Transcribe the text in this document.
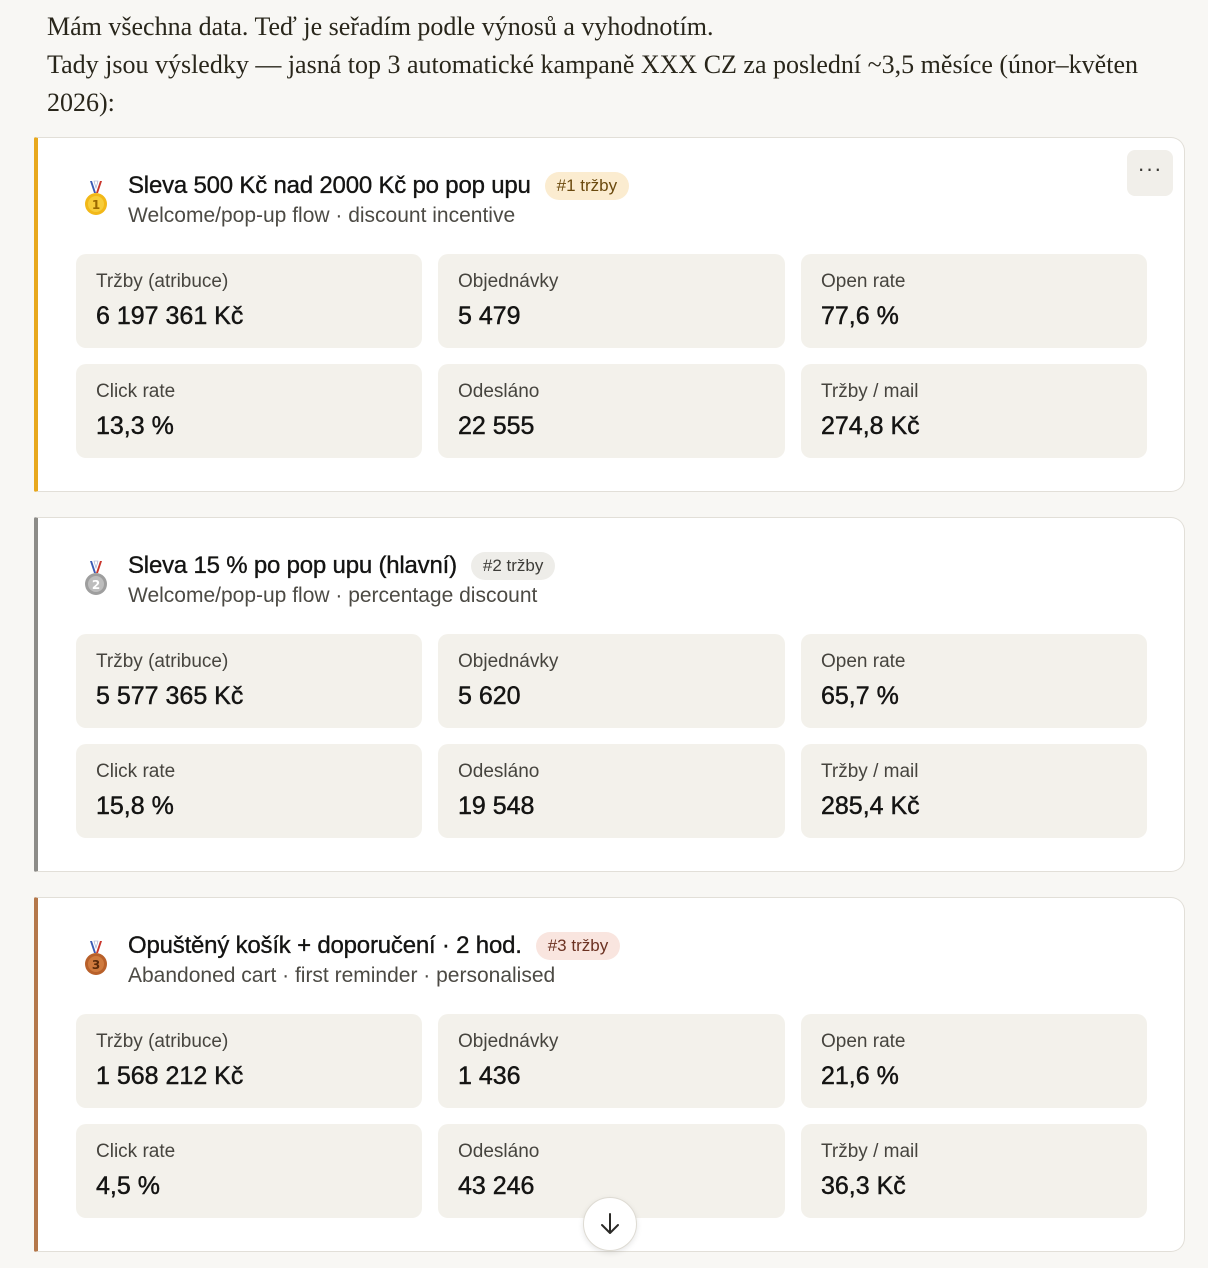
Mám všechna data. Teď je seřadím podle výnosů a vyhodnotím.

Tady jsou výsledky — jasná top 3 automatické kampaně XXX CZ za poslední ~3,5 měsíce (únor–květen 2026):

···
1
Sleva 500 Kč nad 2000 Kč po pop upu	#1 tržby
Welcome/pop-up flow · discount incentive
Tržby (atribuce)
6 197 361 Kč
Objednávky
5 479
Open rate
77,6 %
Click rate
13,3 %
Odesláno
22 555
Tržby / mail
274,8 Kč
2
Sleva 15 % po pop upu (hlavní)	#2 tržby
Welcome/pop-up flow · percentage discount
Tržby (atribuce)
5 577 365 Kč
Objednávky
5 620
Open rate
65,7 %
Click rate
15,8 %
Odesláno
19 548
Tržby / mail
285,4 Kč
3
Opuštěný košík + doporučení · 2 hod.	#3 tržby
Abandoned cart · first reminder · personalised
Tržby (atribuce)
1 568 212 Kč
Objednávky
1 436
Open rate
21,6 %
Click rate
4,5 %
Odesláno
43 246
Tržby / mail
36,3 Kč
